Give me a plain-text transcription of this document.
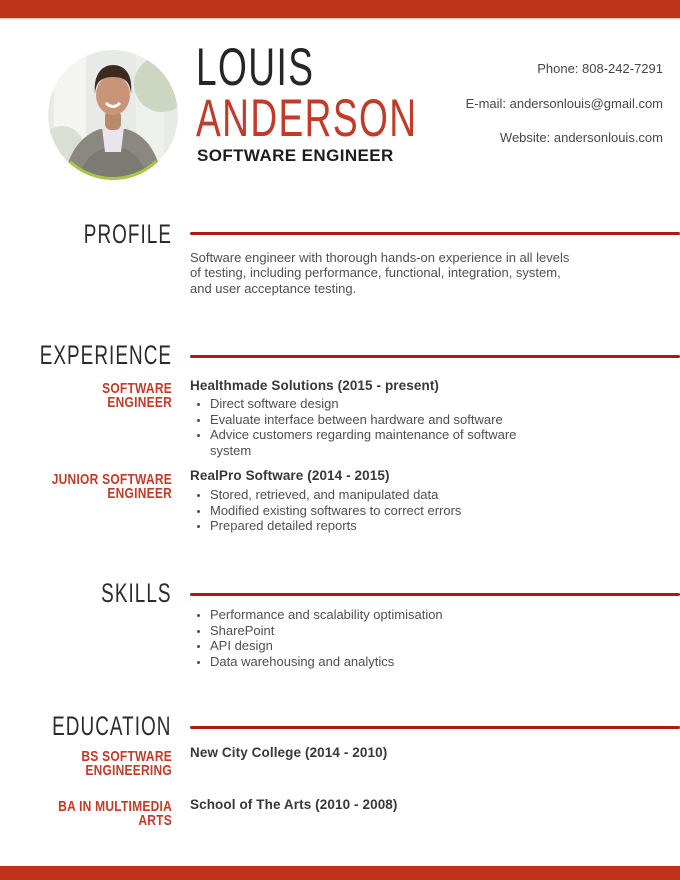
LOUIS
ANDERSON
SOFTWARE ENGINEER
Phone: 808-242-7291
E-mail: andersonlouis@gmail.com
Website: andersonlouis.com
PROFILE
Software engineer with thorough hands-on experience in all levels of testing, including performance, functional, integration, system, and user acceptance testing.
EXPERIENCE
SOFTWARE ENGINEER
Healthmade Solutions (2015 - present)
• Direct software design
• Evaluate interface between hardware and software
• Advice customers regarding maintenance of software system
JUNIOR SOFTWARE ENGINEER
RealPro Software (2014 - 2015)
• Stored, retrieved, and manipulated data
• Modified existing softwares to correct errors
• Prepared detailed reports
SKILLS
• Performance and scalability optimisation
• SharePoint
• API design
• Data warehousing and analytics
EDUCATION
BS SOFTWARE ENGINEERING
New City College (2014 - 2010)
BA IN MULTIMEDIA ARTS
School of The Arts (2010 - 2008)
